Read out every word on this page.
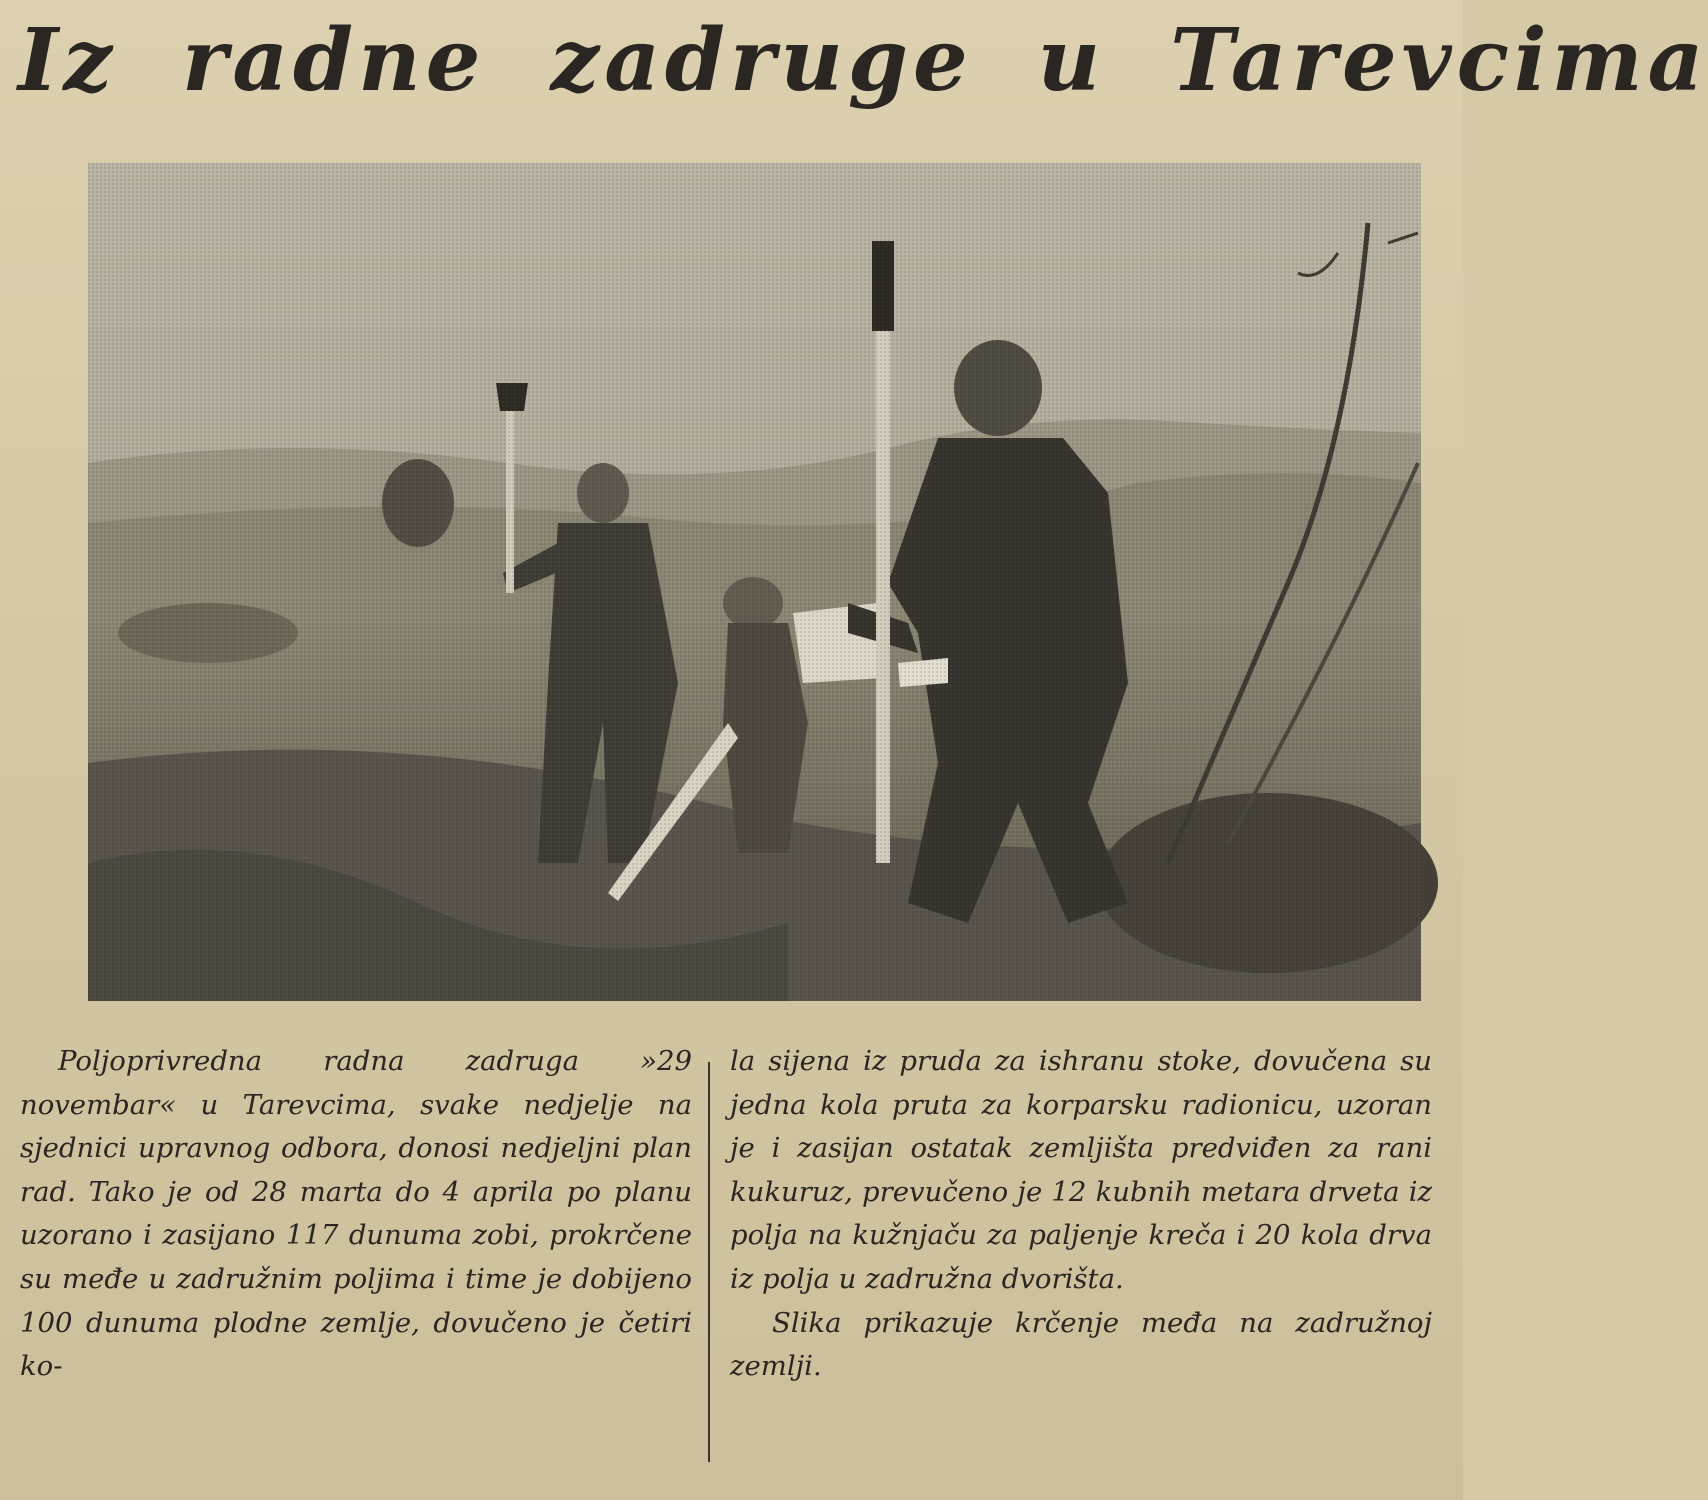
Iz radne zadruge u Tarevcima

Poljoprivredna radna zadruga »29 novembar« u Tarevcima, svake nedjelje na sjednici upravnog odbora, donosi nedjeljni plan rad. Tako je od 28 marta do 4 aprila po planu uzorano i zasijano 117 dunuma zobi, prokrčene su međe u zadružnim poljima i time je dobijeno 100 dunuma plodne zemlje, dovučeno je četiri ko-

la sijena iz pruda za ishranu stoke, dovučena su jedna kola pruta za korparsku radionicu, uzoran je i zasijan ostatak zemljišta predviđen za rani kukuruz, prevučeno je 12 kubnih metara drveta iz polja na kužnjaču za paljenje kreča i 20 kola drva iz polja u zadružna dvorišta.

Slika prikazuje krčenje međa na zadružnoj zemlji.
